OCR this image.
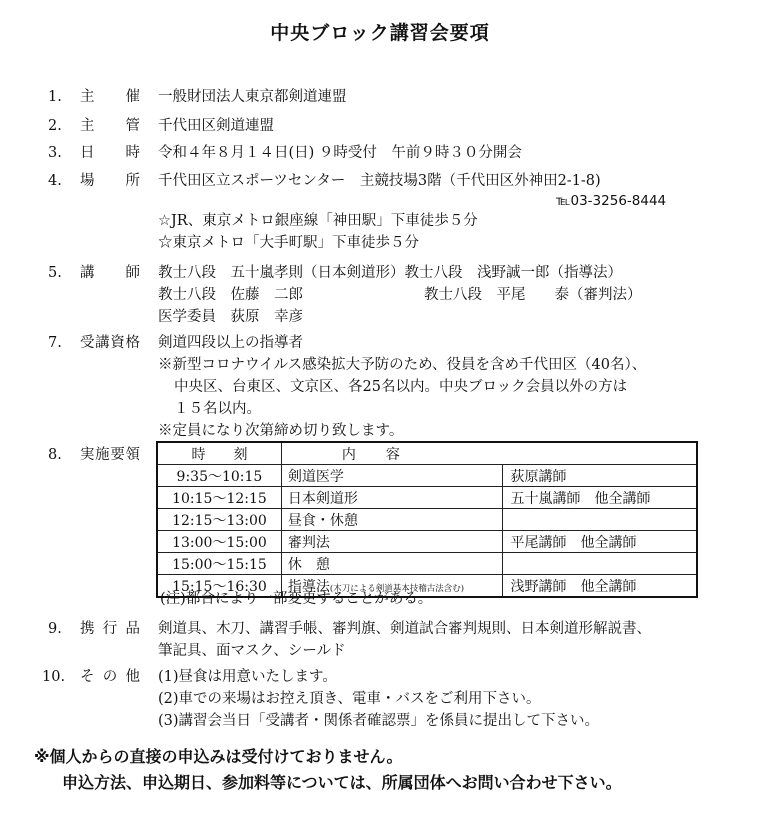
中央ブロック講習会要項
1. 主 催 一般財団法人東京都剣道連盟
2. 主 管 千代田区剣道連盟
3. 日 時 令和４年８月１４日(日) ９時受付　午前９時３０分開会
4. 場 所 千代田区立スポーツセンター　主競技場3階（千代田区外神田2-1-8)
℡03-3256-8444
☆JR、東京メトロ銀座線「神田駅」下車徒歩５分
☆東京メトロ「大手町駅」下車徒歩５分
5. 講 師 教士八段　五十嵐孝則（日本剣道形）教士八段　浅野誠一郎（指導法）
教士八段　佐藤　二郎	教士八段　平尾　　泰（審判法）
医学委員　荻原　幸彦
7. 受 講 資 格 剣道四段以上の指導者
※新型コロナウイルス感染拡大予防のため、役員を含め千代田区（40名）、
中央区、台東区、文京区、各25名以内。中央ブロック会員以外の方は
１５名以内。
※定員になり次第締め切り致します。
8. 実 施 要 領	時　　刻	内容	
9:35～10:15	剣道医学	荻原講師
10:15～12:15	日本剣道形	五十嵐講師　他全講師
12:15～13:00	昼食・休憩	
13:00～15:00	審判法	平尾講師　他全講師
15:00～15:15	休　憩	
15:15～16:30	指導法(木刀による剣道基本技稽古法含む)	浅野講師　他全講師
(注)都合により一部変更することがある。
9. 携 行 品 剣道具、木刀、講習手帳、審判旗、剣道試合審判規則、日本剣道形解説書、
筆記具、面マスク、シールド
10. そ の 他 (1)昼食は用意いたします。
(2)車での来場はお控え頂き、電車・バスをご利用下さい。
(3)講習会当日「受講者・関係者確認票」を係員に提出して下さい。
※個人からの直接の申込みは受付けておりません。
申込方法、申込期日、参加料等については、所属団体へお問い合わせ下さい。
